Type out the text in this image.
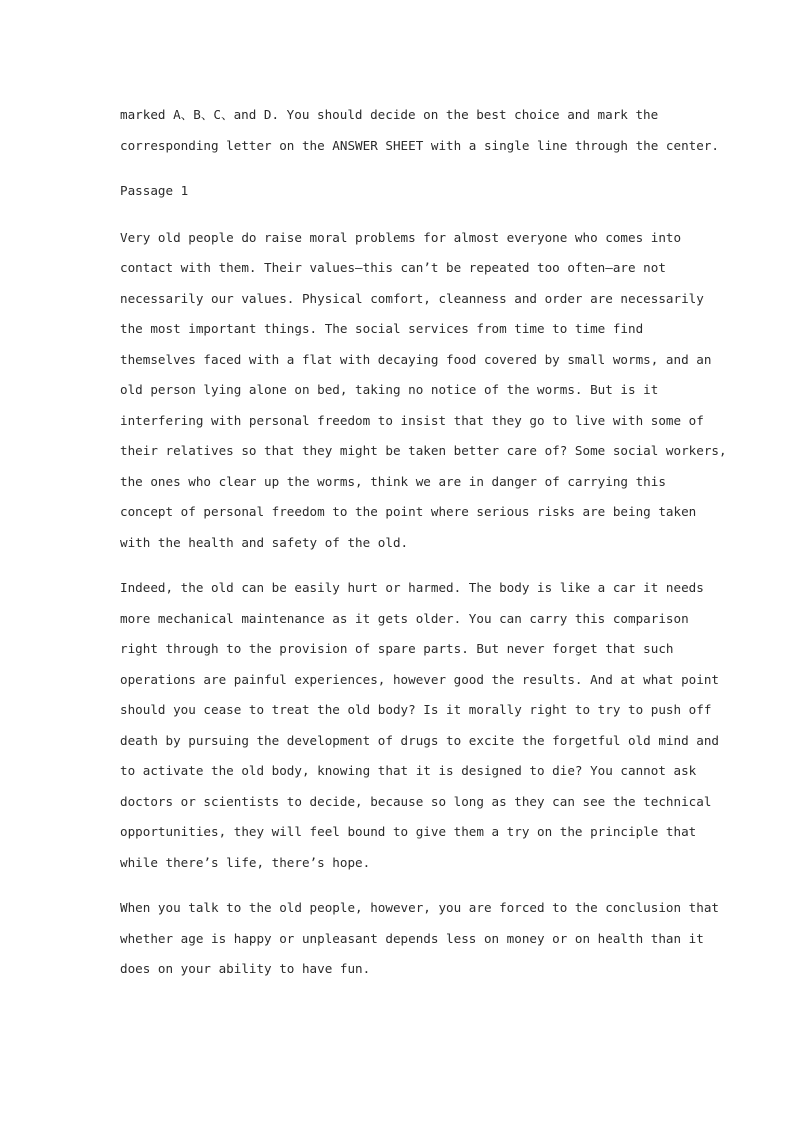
marked A、B、C、and D. You should decide on the best choice and mark the
corresponding letter on the ANSWER SHEET with a single line through the center.

Passage 1

Very old people do raise moral problems for almost everyone who comes into
contact with them. Their values—this can’t be repeated too often—are not
necessarily our values. Physical comfort, cleanness and order are necessarily
the most important things. The social services from time to time find
themselves faced with a flat with decaying food covered by small worms, and an
old person lying alone on bed, taking no notice of the worms. But is it
interfering with personal freedom to insist that they go to live with some of
their relatives so that they might be taken better care of? Some social workers,
the ones who clear up the worms, think we are in danger of carrying this
concept of personal freedom to the point where serious risks are being taken
with the health and safety of the old.

Indeed, the old can be easily hurt or harmed. The body is like a car it needs
more mechanical maintenance as it gets older. You can carry this comparison
right through to the provision of spare parts. But never forget that such
operations are painful experiences, however good the results. And at what point
should you cease to treat the old body? Is it morally right to try to push off
death by pursuing the development of drugs to excite the forgetful old mind and
to activate the old body, knowing that it is designed to die? You cannot ask
doctors or scientists to decide, because so long as they can see the technical
opportunities, they will feel bound to give them a try on the principle that
while there’s life, there’s hope.

When you talk to the old people, however, you are forced to the conclusion that
whether age is happy or unpleasant depends less on money or on health than it
does on your ability to have fun.
